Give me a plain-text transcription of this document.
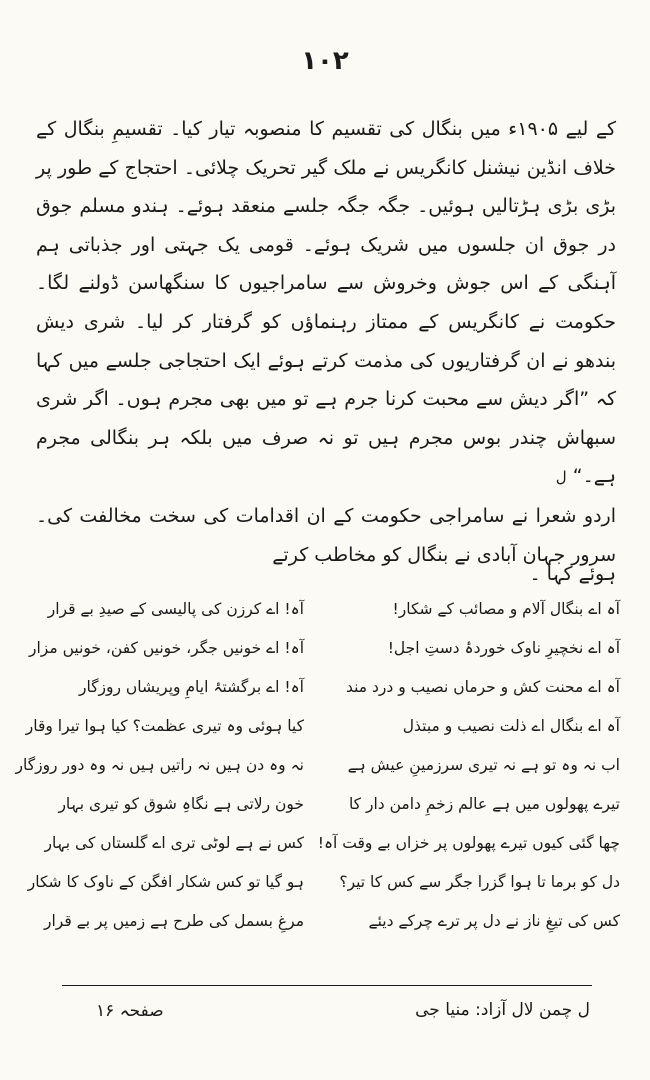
۱۰۲

کے لیے ۱۹۰۵ء میں بنگال کی تقسیم کا منصوبہ تیار کیا۔ تقسیمِ بنگال کے خلاف انڈین نیشنل کانگریس نے ملک گیر تحریک چلائی۔ احتجاج کے طور پر بڑی بڑی ہڑتالیں ہوئیں۔ جگہ جگہ جلسے منعقد ہوئے۔ ہندو مسلم جوق در جوق ان جلسوں میں شریک ہوئے۔ قومی یک جہتی اور جذباتی ہم آہنگی کے اس جوش وخروش سے سامراجیوں کا سنگھاسن ڈولنے لگا۔ حکومت نے کانگریس کے ممتاز رہنماؤں کو گرفتار کر لیا۔ شری دیش بندھو نے ان گرفتاریوں کی مذمت کرتے ہوئے ایک احتجاجی جلسے میں کہا کہ ”اگر دیش سے محبت کرنا جرم ہے تو میں بھی مجرم ہوں۔ اگر شری سبھاش چندر بوس مجرم ہیں تو نہ صرف میں بلکہ ہر بنگالی مجرم ہے۔“ ل

اردو شعرا نے سامراجی حکومت کے ان اقدامات کی سخت مخالفت کی۔ سرور جہان آبادی نے بنگال کو مخاطب کرتے

ہوئے کہا ۔
آہ اے بنگال آلام و مصائب کے شکار!
آہ اے نخچیرِ ناوک خوردۂ دستِ اجل!
آہ اے محنت کش و حرماں نصیب و درد مند
آہ اے بنگال اے ذلت نصیب و مبتذل
اب نہ وہ تو ہے نہ تیری سرزمینِ عیش ہے
تیرے پھولوں میں ہے عالم زخمِ دامن دار کا
چھا گئی کیوں تیرے پھولوں پر خزاں بے وقت آہ!
دل کو برما تا ہوا گزرا جگر سے کس کا تیر؟
کس کی تیغِ ناز نے دل پر ترے چرکے دیئے
آہ! اے کرزن کی پالیسی کے صیدِ بے قرار
آہ! اے خونیں جگر، خونیں کفن، خونیں مزار
آہ! اے برگشتۂ ایامِ وپریشاں روزگار
کیا ہوئی وہ تیری عظمت؟ کیا ہوا تیرا وقار
نہ وہ دن ہیں نہ راتیں ہیں نہ وہ دور روزگار
خون رلاتی ہے نگاہِ شوق کو تیری بہار
کس نے ہے لوٹی تری اے گلستاں کی بہار
ہو گیا تو کس شکار افگن کے ناوک کا شکار
مرغِ بسمل کی طرح ہے زمیں پر بے قرار
ل چمن لال آزاد: منیا جی
صفحہ ۱۶
